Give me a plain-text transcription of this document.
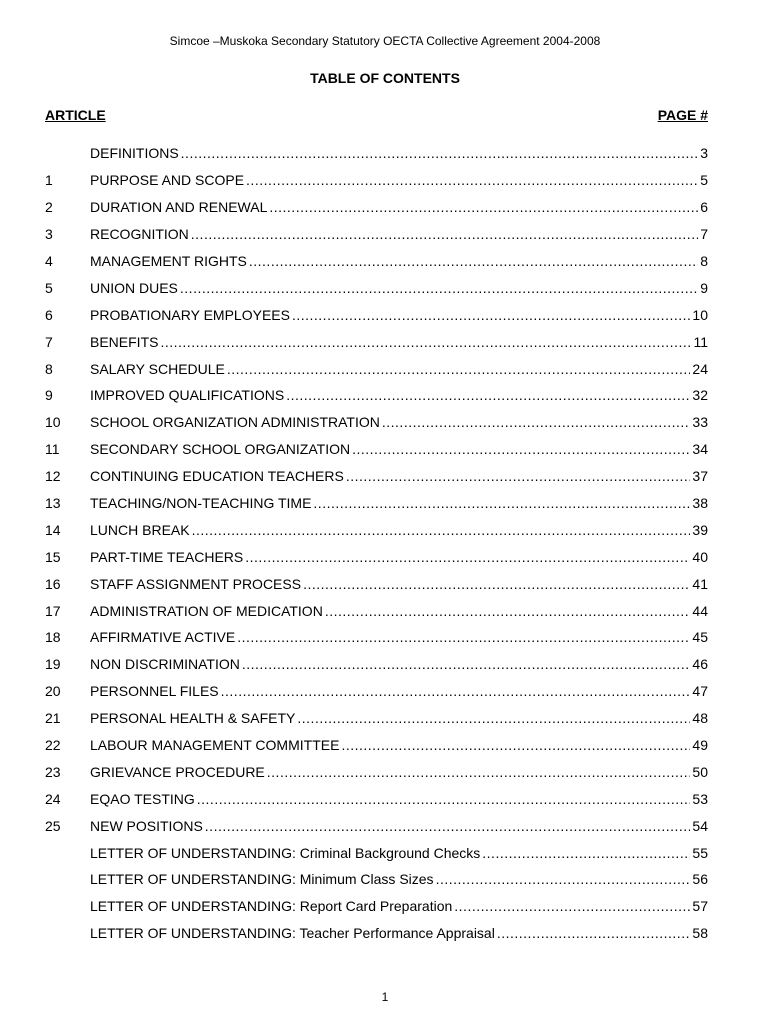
Simcoe –Muskoka Secondary Statutory OECTA Collective Agreement 2004-2008
TABLE OF CONTENTS
ARTICLE	PAGE #
DEFINITIONS .....	3
1	PURPOSE AND SCOPE .....	5
2	DURATION AND RENEWAL .....	6
3	RECOGNITION .....	7
4	MANAGEMENT RIGHTS .....	8
5	UNION DUES .....	9
6	PROBATIONARY EMPLOYEES .....	10
7	BENEFITS .....	11
8	SALARY SCHEDULE .....	24
9	IMPROVED QUALIFICATIONS .....	32
10	SCHOOL ORGANIZATION ADMINISTRATION .....	33
11	SECONDARY SCHOOL ORGANIZATION .....	34
12	CONTINUING EDUCATION TEACHERS .....	37
13	TEACHING/NON-TEACHING TIME .....	38
14	LUNCH BREAK .....	39
15	PART-TIME TEACHERS .....	40
16	STAFF ASSIGNMENT PROCESS .....	41
17	ADMINISTRATION OF MEDICATION .....	44
18	AFFIRMATIVE ACTIVE .....	45
19	NON DISCRIMINATION .....	46
20	PERSONNEL FILES .....	47
21	PERSONAL HEALTH & SAFETY .....	48
22	LABOUR MANAGEMENT COMMITTEE .....	49
23	GRIEVANCE PROCEDURE .....	50
24	EQAO TESTING .....	53
25	NEW POSITIONS .....	54
LETTER OF UNDERSTANDING: Criminal Background Checks .....	55
LETTER OF UNDERSTANDING: Minimum Class Sizes .....	56
LETTER OF UNDERSTANDING: Report Card Preparation .....	57
LETTER OF UNDERSTANDING: Teacher Performance Appraisal .....	58
1
